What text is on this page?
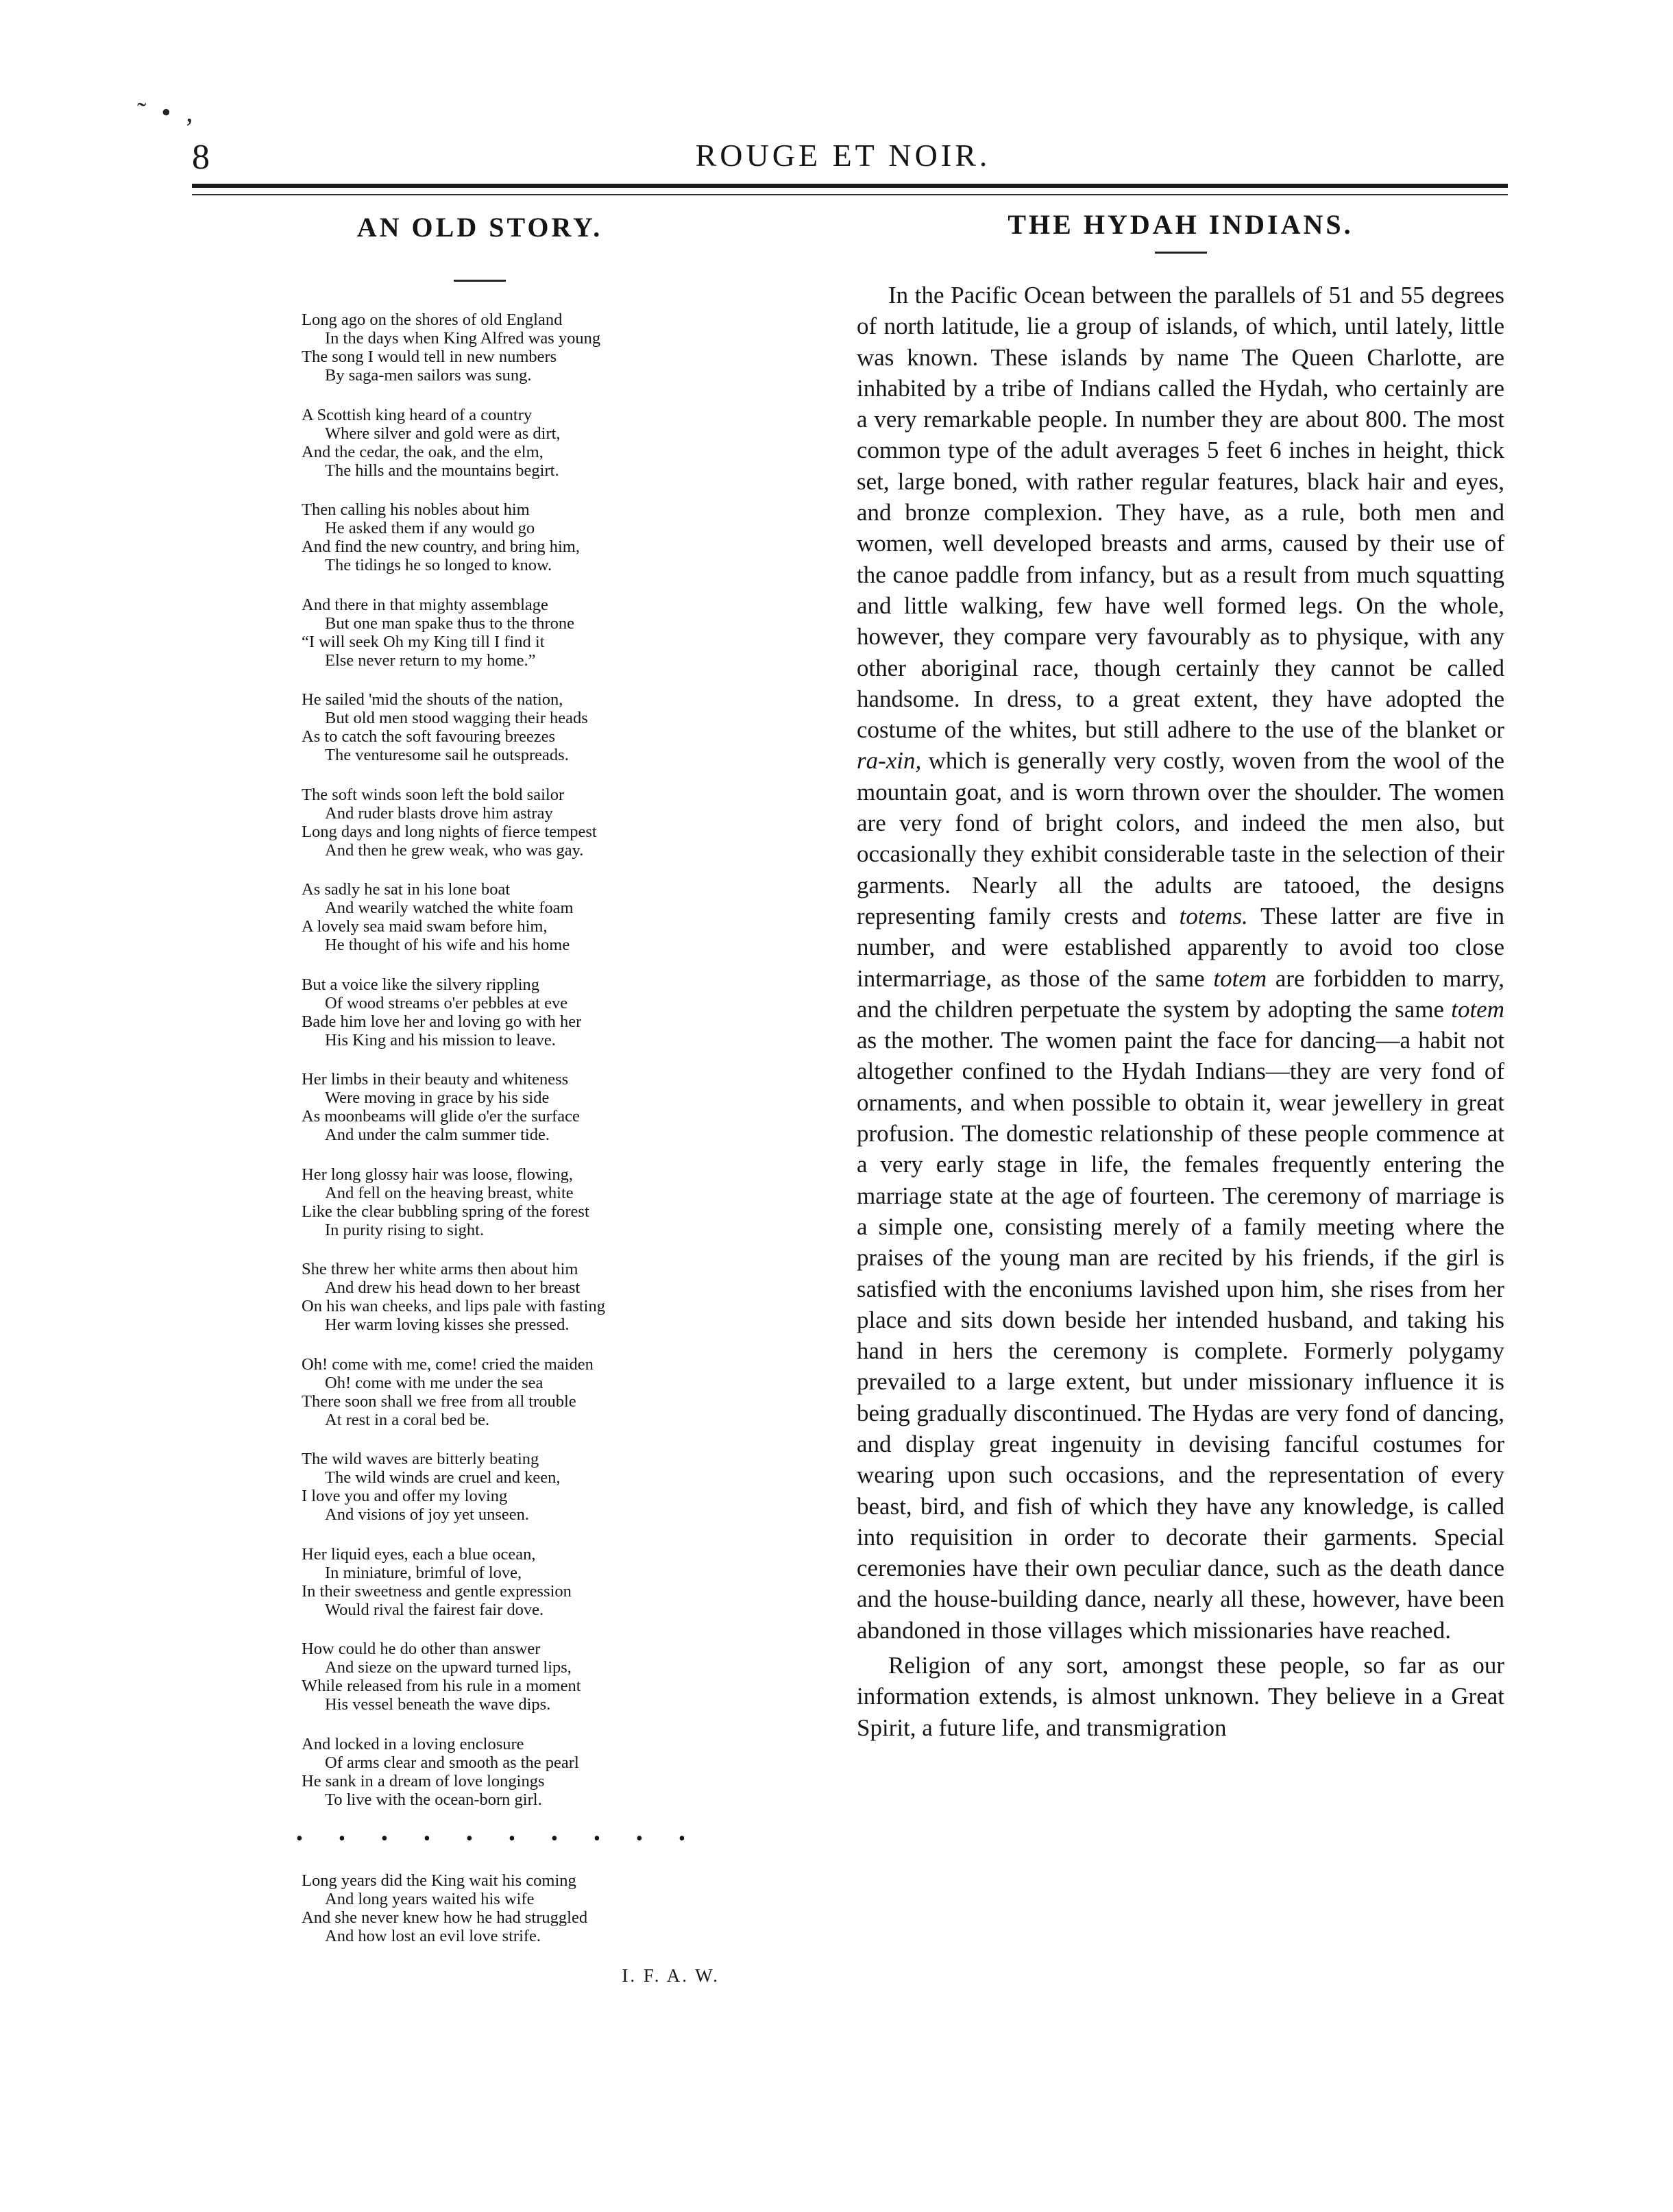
˜ • ,
8	ROUGE ET NOIR.
AN OLD STORY.
Long ago on the shores of old England
In the days when King Alfred was young
The song I would tell in new numbers
By saga-men sailors was sung.
A Scottish king heard of a country
Where silver and gold were as dirt,
And the cedar, the oak, and the elm,
The hills and the mountains begirt.
Then calling his nobles about him
He asked them if any would go
And find the new country, and bring him,
The tidings he so longed to know.
And there in that mighty assemblage
But one man spake thus to the throne
“I will seek Oh my King till I find it
Else never return to my home.”
He sailed 'mid the shouts of the nation,
But old men stood wagging their heads
As to catch the soft favouring breezes
The venturesome sail he outspreads.
The soft winds soon left the bold sailor
And ruder blasts drove him astray
Long days and long nights of fierce tempest
And then he grew weak, who was gay.
As sadly he sat in his lone boat
And wearily watched the white foam
A lovely sea maid swam before him,
He thought of his wife and his home
But a voice like the silvery rippling
Of wood streams o'er pebbles at eve
Bade him love her and loving go with her
His King and his mission to leave.
Her limbs in their beauty and whiteness
Were moving in grace by his side
As moonbeams will glide o'er the surface
And under the calm summer tide.
Her long glossy hair was loose, flowing,
And fell on the heaving breast, white
Like the clear bubbling spring of the forest
In purity rising to sight.
She threw her white arms then about him
And drew his head down to her breast
On his wan cheeks, and lips pale with fasting
Her warm loving kisses she pressed.
Oh! come with me, come! cried the maiden
Oh! come with me under the sea
There soon shall we free from all trouble
At rest in a coral bed be.
The wild waves are bitterly beating
The wild winds are cruel and keen,
I love you and offer my loving
And visions of joy yet unseen.
Her liquid eyes, each a blue ocean,
In miniature, brimful of love,
In their sweetness and gentle expression
Would rival the fairest fair dove.
How could he do other than answer
And sieze on the upward turned lips,
While released from his rule in a moment
His vessel beneath the wave dips.
And locked in a loving enclosure
Of arms clear and smooth as the pearl
He sank in a dream of love longings
To live with the ocean-born girl.
• • • • • • • • • •
Long years did the King wait his coming
And long years waited his wife
And she never knew how he had struggled
And how lost an evil love strife.
I. F. A. W.
THE HYDAH INDIANS.

In the Pacific Ocean between the parallels of 51 and 55 degrees of north latitude, lie a group of islands, of which, until lately, little was known. These islands by name The Queen Charlotte, are inhabited by a tribe of Indians called the Hydah, who certainly are a very remarkable people. In number they are about 800. The most common type of the adult averages 5 feet 6 inches in height, thick set, large boned, with rather regular features, black hair and eyes, and bronze complexion. They have, as a rule, both men and women, well developed breasts and arms, caused by their use of the canoe paddle from infancy, but as a result from much squatting and little walking, few have well formed legs. On the whole, however, they compare very favourably as to physique, with any other aboriginal race, though certainly they cannot be called handsome. In dress, to a great extent, they have adopted the costume of the whites, but still adhere to the use of the blanket or ra-xin, which is generally very costly, woven from the wool of the mountain goat, and is worn thrown over the shoulder. The women are very fond of bright colors, and indeed the men also, but occasionally they exhibit considerable taste in the selection of their garments. Nearly all the adults are tatooed, the designs representing family crests and totems. These latter are five in number, and were established apparently to avoid too close intermarriage, as those of the same totem are forbidden to marry, and the children perpetuate the system by adopting the same totem as the mother. The women paint the face for dancing—a habit not altogether confined to the Hydah Indians—they are very fond of ornaments, and when possible to obtain it, wear jewellery in great profusion. The domestic relationship of these people commence at a very early stage in life, the females frequently entering the marriage state at the age of fourteen. The ceremony of marriage is a simple one, consisting merely of a family meeting where the praises of the young man are recited by his friends, if the girl is satisfied with the enconiums lavished upon him, she rises from her place and sits down beside her intended husband, and taking his hand in hers the ceremony is complete. Formerly polygamy prevailed to a large extent, but under missionary influence it is being gradually discontinued. The Hydas are very fond of dancing, and display great ingenuity in devising fanciful costumes for wearing upon such occasions, and the representation of every beast, bird, and fish of which they have any knowledge, is called into requisition in order to decorate their garments. Special ceremonies have their own peculiar dance, such as the death dance and the house-building dance, nearly all these, however, have been abandoned in those villages which missionaries have reached.

Religion of any sort, amongst these people, so far as our information extends, is almost unknown. They believe in a Great Spirit, a future life, and transmigration
